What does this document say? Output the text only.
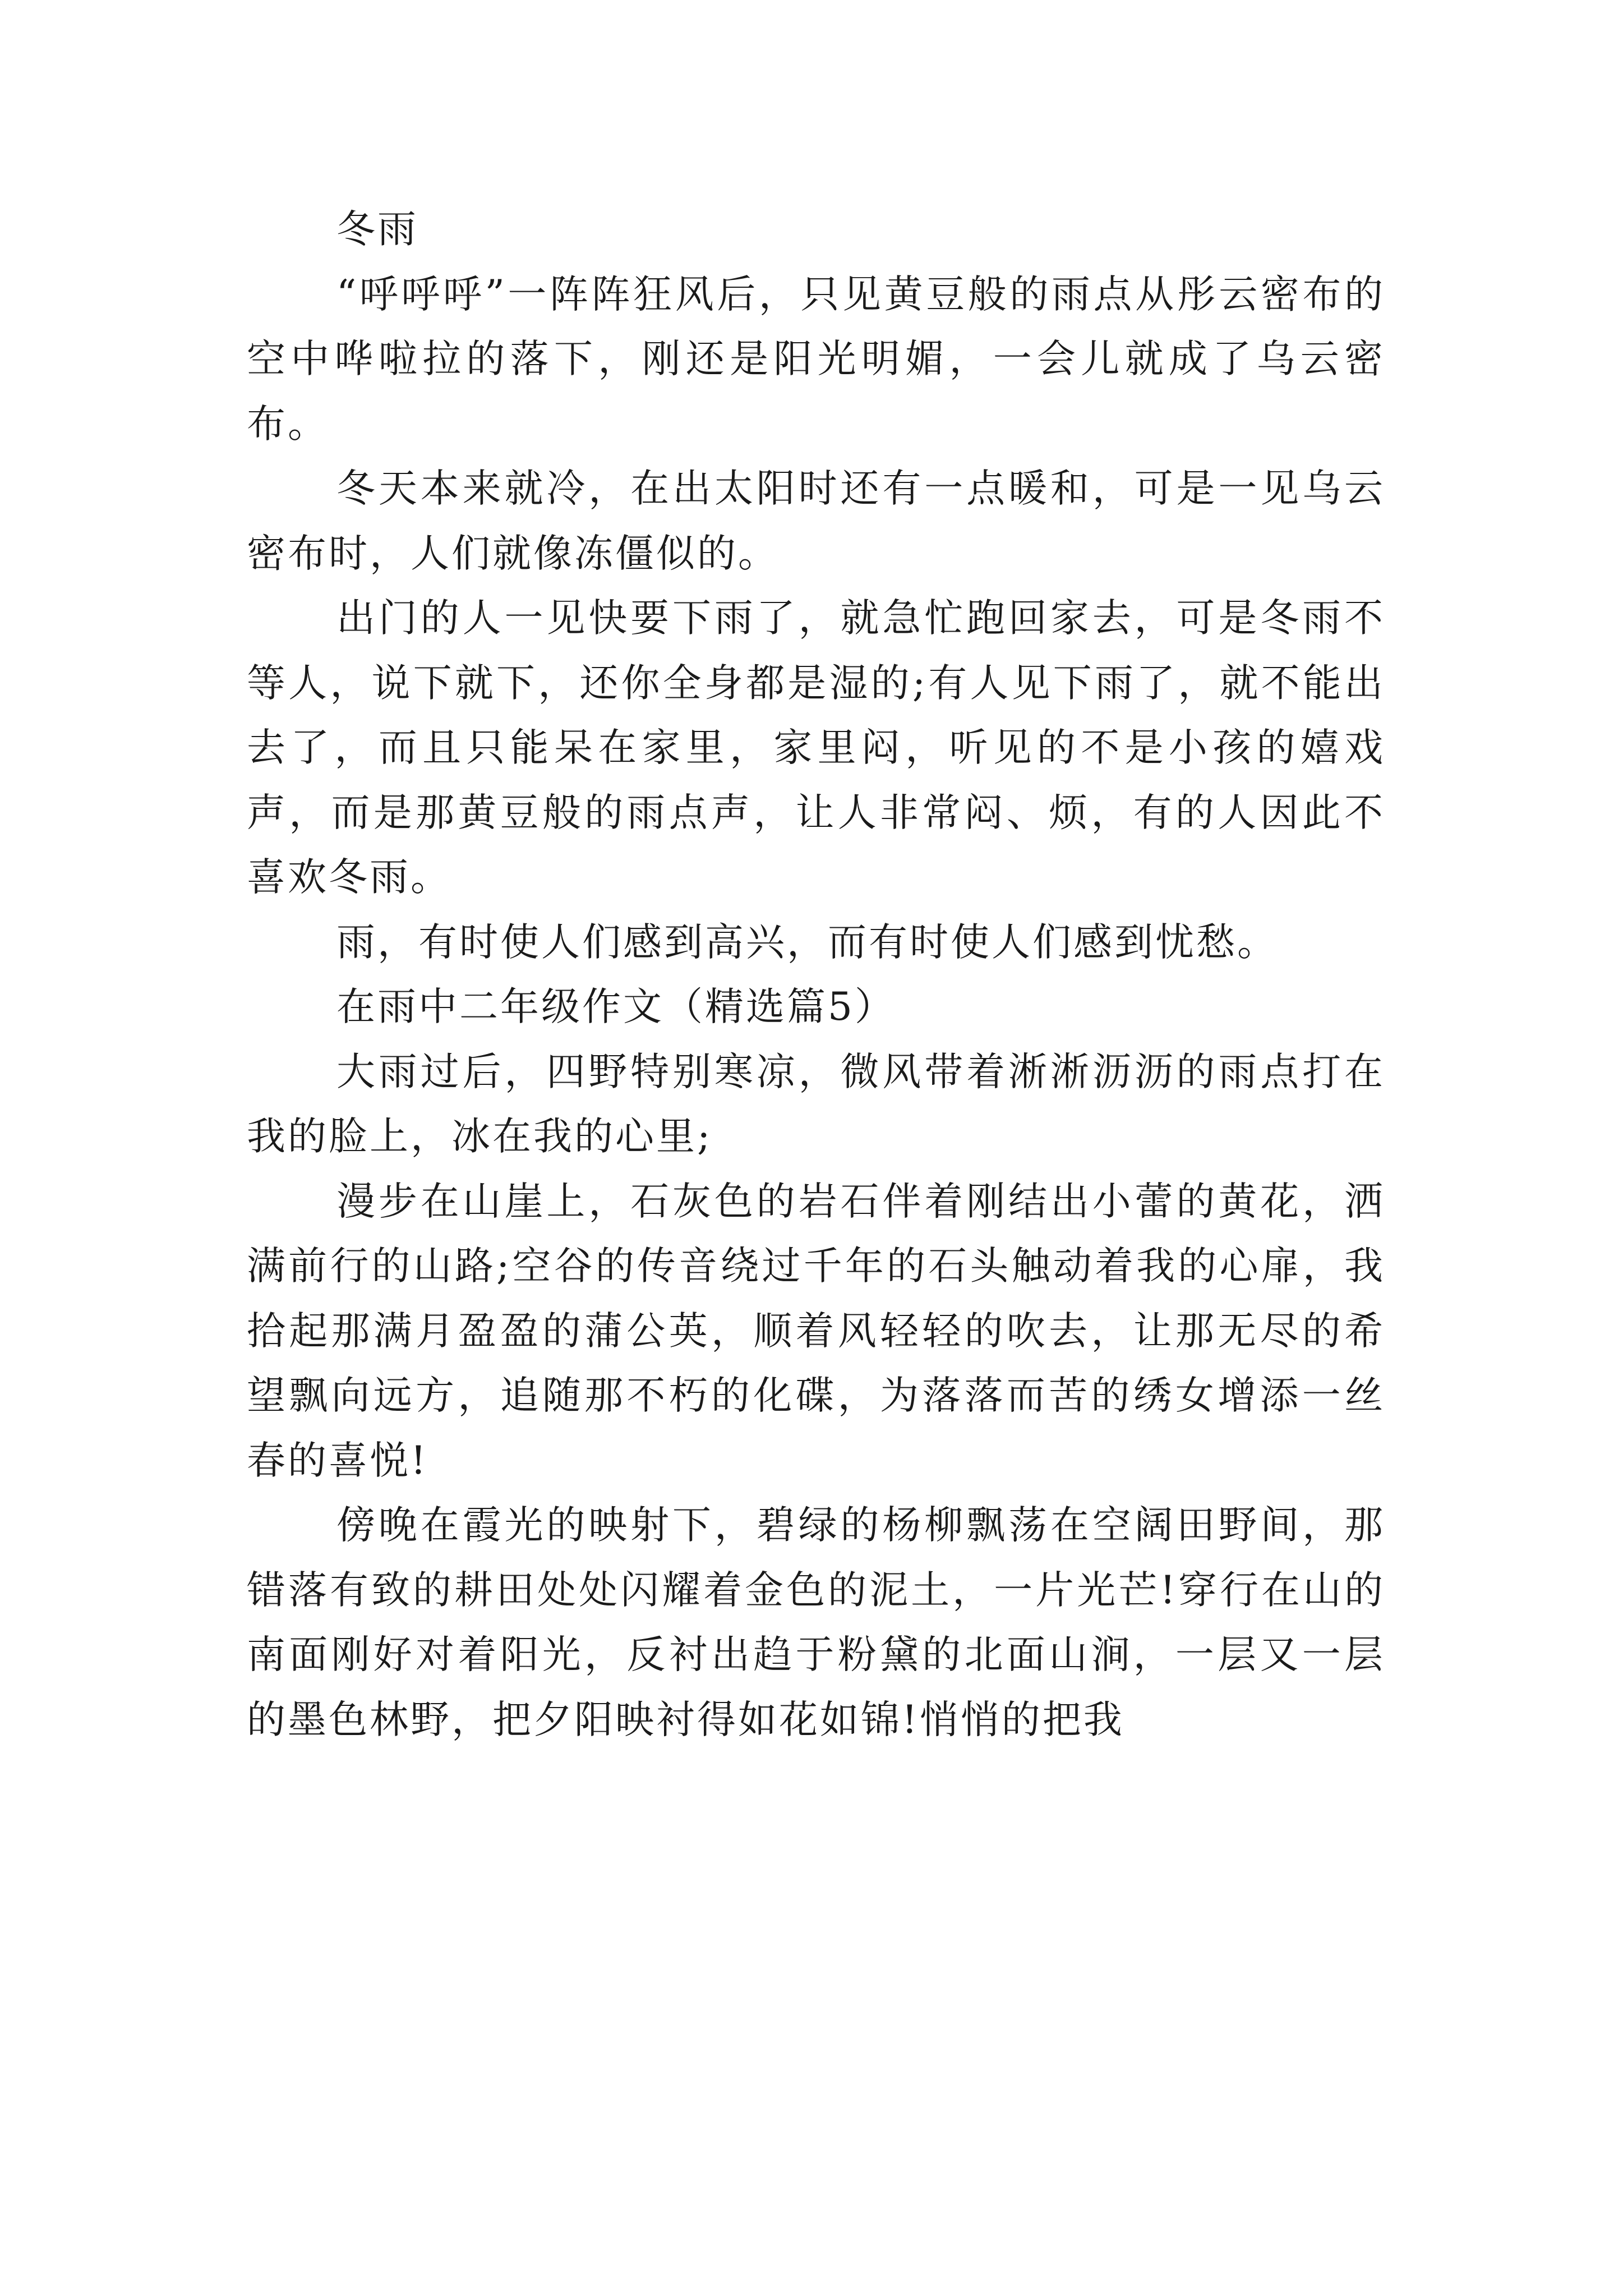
冬雨

“呼呼呼”一阵阵狂风后，只见黄豆般的雨点从彤云密布的空中哗啦拉的落下，刚还是阳光明媚，一会儿就成了乌云密布。

冬天本来就冷，在出太阳时还有一点暖和，可是一见乌云密布时，人们就像冻僵似的。

出门的人一见快要下雨了，就急忙跑回家去，可是冬雨不等人，说下就下，还你全身都是湿的;有人见下雨了，就不能出去了，而且只能呆在家里，家里闷，听见的不是小孩的嬉戏声，而是那黄豆般的雨点声，让人非常闷、烦，有的人因此不喜欢冬雨。

雨，有时使人们感到高兴，而有时使人们感到忧愁。

在雨中二年级作文（精选篇5）

大雨过后，四野特别寒凉，微风带着淅淅沥沥的雨点打在我的脸上，冰在我的心里;

漫步在山崖上，石灰色的岩石伴着刚结出小蕾的黄花，洒满前行的山路;空谷的传音绕过千年的石头触动着我的心扉，我拾起那满月盈盈的蒲公英，顺着风轻轻的吹去，让那无尽的希望飘向远方，追随那不朽的化碟，为落落而苦的绣女增添一丝春的喜悦!

傍晚在霞光的映射下，碧绿的杨柳飘荡在空阔田野间，那错落有致的耕田处处闪耀着金色的泥土，一片光芒!穿行在山的南面刚好对着阳光，反衬出趋于粉黛的北面山涧，一层又一层的墨色林野，把夕阳映衬得如花如锦!悄悄的把我
